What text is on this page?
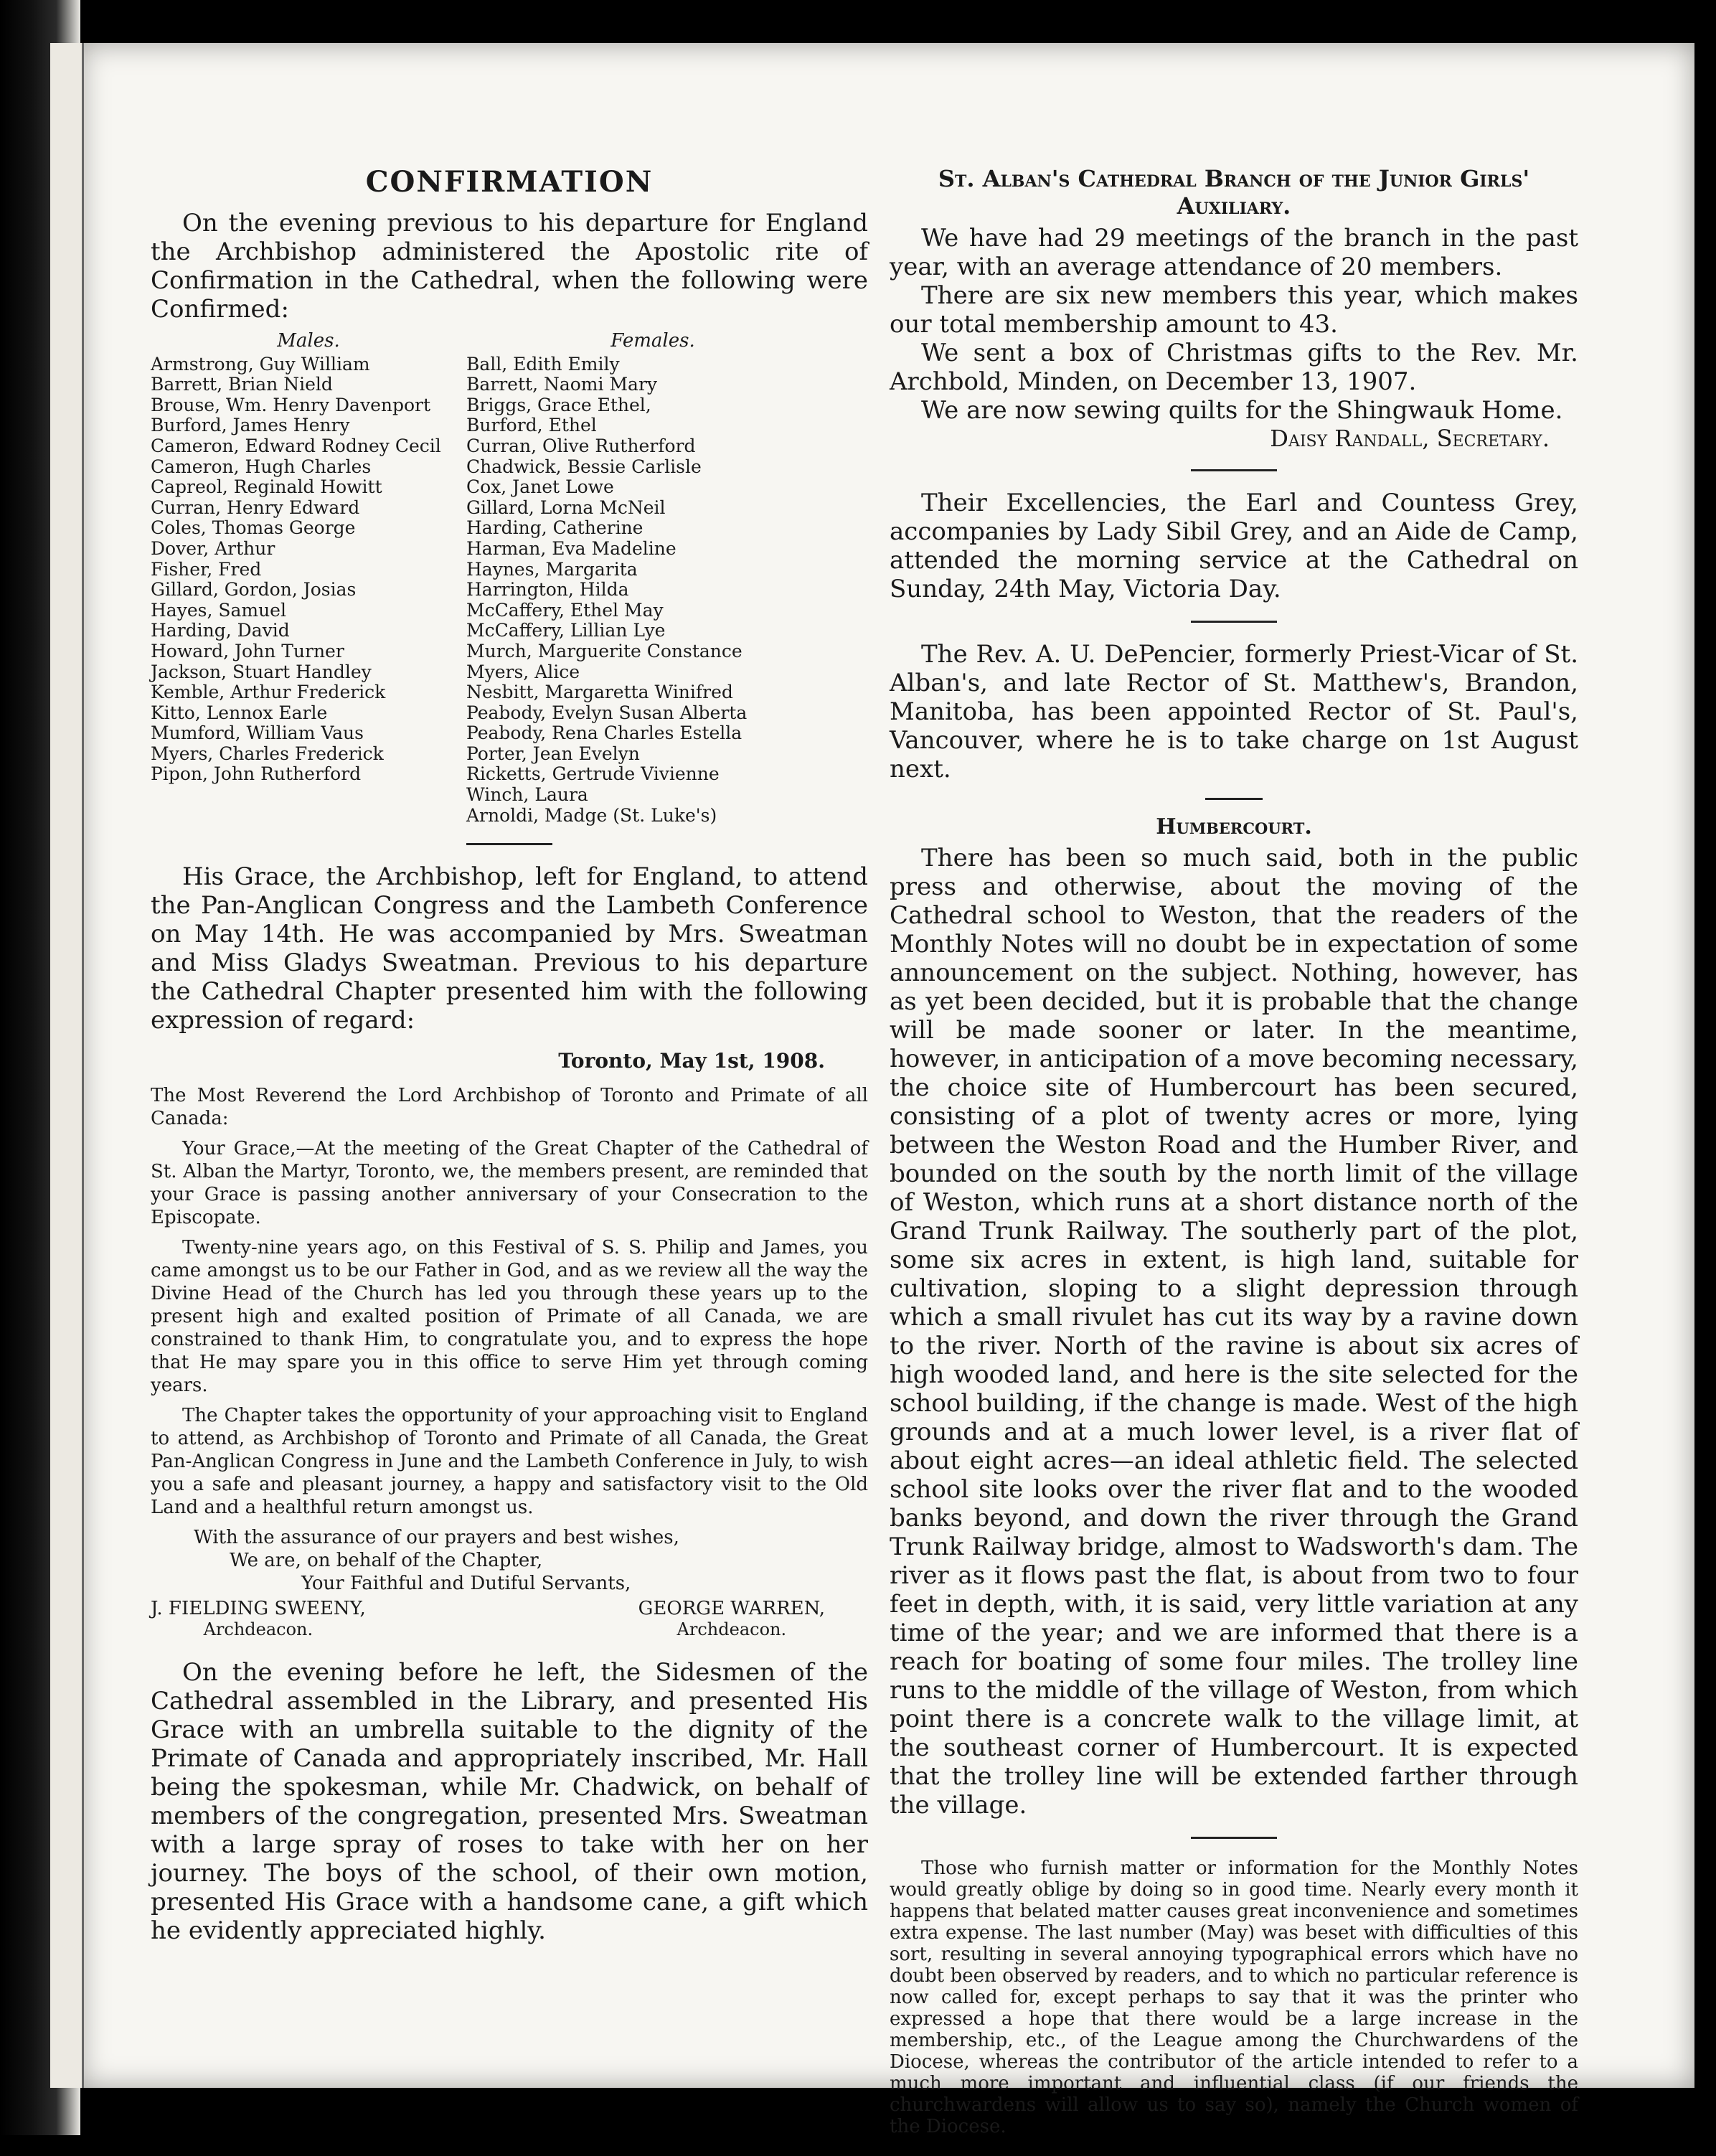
CONFIRMATION

On the evening previous to his departure for England the Archbishop administered the Apostolic rite of Confirmation in the Cathedral, when the following were Confirmed:

Males.
Armstrong, Guy William
Barrett, Brian Nield
Brouse, Wm. Henry Davenport
Burford, James Henry
Cameron, Edward Rodney Cecil
Cameron, Hugh Charles
Capreol, Reginald Howitt
Curran, Henry Edward
Coles, Thomas George
Dover, Arthur
Fisher, Fred
Gillard, Gordon, Josias
Hayes, Samuel
Harding, David
Howard, John Turner
Jackson, Stuart Handley
Kemble, Arthur Frederick
Kitto, Lennox Earle
Mumford, William Vaus
Myers, Charles Frederick
Pipon, John Rutherford
Females.
Ball, Edith Emily
Barrett, Naomi Mary
Briggs, Grace Ethel,
Burford, Ethel
Curran, Olive Rutherford
Chadwick, Bessie Carlisle
Cox, Janet Lowe
Gillard, Lorna McNeil
Harding, Catherine
Harman, Eva Madeline
Haynes, Margarita
Harrington, Hilda
McCaffery, Ethel May
McCaffery, Lillian Lye
Murch, Marguerite Constance
Myers, Alice
Nesbitt, Margaretta Winifred
Peabody, Evelyn Susan Alberta
Peabody, Rena Charles Estella
Porter, Jean Evelyn
Ricketts, Gertrude Vivienne
Winch, Laura
Arnoldi, Madge (St. Luke's)

His Grace, the Archbishop, left for England, to attend the Pan-Anglican Congress and the Lambeth Conference on May 14th. He was accompanied by Mrs. Sweatman and Miss Gladys Sweatman. Previous to his departure the Cathedral Chapter presented him with the following expression of regard:

Toronto, May 1st, 1908.

The Most Reverend the Lord Archbishop of Toronto and Primate of all Canada:

Your Grace,—At the meeting of the Great Chapter of the Cathedral of St. Alban the Martyr, Toronto, we, the members present, are reminded that your Grace is passing another anniversary of your Consecration to the Episcopate.

Twenty-nine years ago, on this Festival of S. S. Philip and James, you came amongst us to be our Father in God, and as we review all the way the Divine Head of the Church has led you through these years up to the present high and exalted position of Primate of all Canada, we are constrained to thank Him, to congratulate you, and to express the hope that He may spare you in this office to serve Him yet through coming years.

The Chapter takes the opportunity of your approaching visit to England to attend, as Archbishop of Toronto and Primate of all Canada, the Great Pan-Anglican Congress in June and the Lambeth Conference in July, to wish you a safe and pleasant journey, a happy and satisfactory visit to the Old Land and a healthful return amongst us.

With the assurance of our prayers and best wishes,
We are, on behalf of the Chapter,
Your Faithful and Dutiful Servants,
J. FIELDING SWEENY,
Archdeacon.
GEORGE WARREN,
Archdeacon.

On the evening before he left, the Sidesmen of the Cathedral assembled in the Library, and presented His Grace with an umbrella suitable to the dignity of the Primate of Canada and appropriately inscribed, Mr. Hall being the spokesman, while Mr. Chadwick, on behalf of members of the congregation, presented Mrs. Sweatman with a large spray of roses to take with her on her journey. The boys of the school, of their own motion, presented His Grace with a handsome cane, a gift which he evidently appreciated highly.

St. Alban's Cathedral Branch of the Junior Girls'
Auxiliary.

We have had 29 meetings of the branch in the past year, with an average attendance of 20 members.

There are six new members this year, which makes our total membership amount to 43.

We sent a box of Christmas gifts to the Rev. Mr. Archbold, Minden, on December 13, 1907.

We are now sewing quilts for the Shingwauk Home.

Daisy Randall, Secretary.

Their Excellencies, the Earl and Countess Grey, accompanies by Lady Sibil Grey, and an Aide de Camp, attended the morning service at the Cathedral on Sunday, 24th May, Victoria Day.

The Rev. A. U. DePencier, formerly Priest-Vicar of St. Alban's, and late Rector of St. Matthew's, Brandon, Manitoba, has been appointed Rector of St. Paul's, Vancouver, where he is to take charge on 1st August next.

Humbercourt.

There has been so much said, both in the public press and otherwise, about the moving of the Cathedral school to Weston, that the readers of the Monthly Notes will no doubt be in expectation of some announcement on the subject. Nothing, however, has as yet been decided, but it is probable that the change will be made sooner or later. In the meantime, however, in anticipation of a move becoming necessary, the choice site of Humbercourt has been secured, consisting of a plot of twenty acres or more, lying between the Weston Road and the Humber River, and bounded on the south by the north limit of the village of Weston, which runs at a short distance north of the Grand Trunk Railway. The southerly part of the plot, some six acres in extent, is high land, suitable for cultivation, sloping to a slight depression through which a small rivulet has cut its way by a ravine down to the river. North of the ravine is about six acres of high wooded land, and here is the site selected for the school building, if the change is made. West of the high grounds and at a much lower level, is a river flat of about eight acres—an ideal athletic field. The selected school site looks over the river flat and to the wooded banks beyond, and down the river through the Grand Trunk Railway bridge, almost to Wadsworth's dam. The river as it flows past the flat, is about from two to four feet in depth, with, it is said, very little variation at any time of the year; and we are informed that there is a reach for boating of some four miles. The trolley line runs to the middle of the village of Weston, from which point there is a concrete walk to the village limit, at the southeast corner of Humbercourt. It is expected that the trolley line will be extended farther through the village.

Those who furnish matter or information for the Monthly Notes would greatly oblige by doing so in good time. Nearly every month it happens that belated matter causes great inconvenience and sometimes extra expense. The last number (May) was beset with difficulties of this sort, resulting in several annoying typographical errors which have no doubt been observed by readers, and to which no particular reference is now called for, except perhaps to say that it was the printer who expressed a hope that there would be a large increase in the membership, etc., of the League among the Churchwardens of the Diocese, whereas the contributor of the article intended to refer to a much more important and influential class (if our friends the churchwardens will allow us to say so), namely the Church women of the Diocese.
